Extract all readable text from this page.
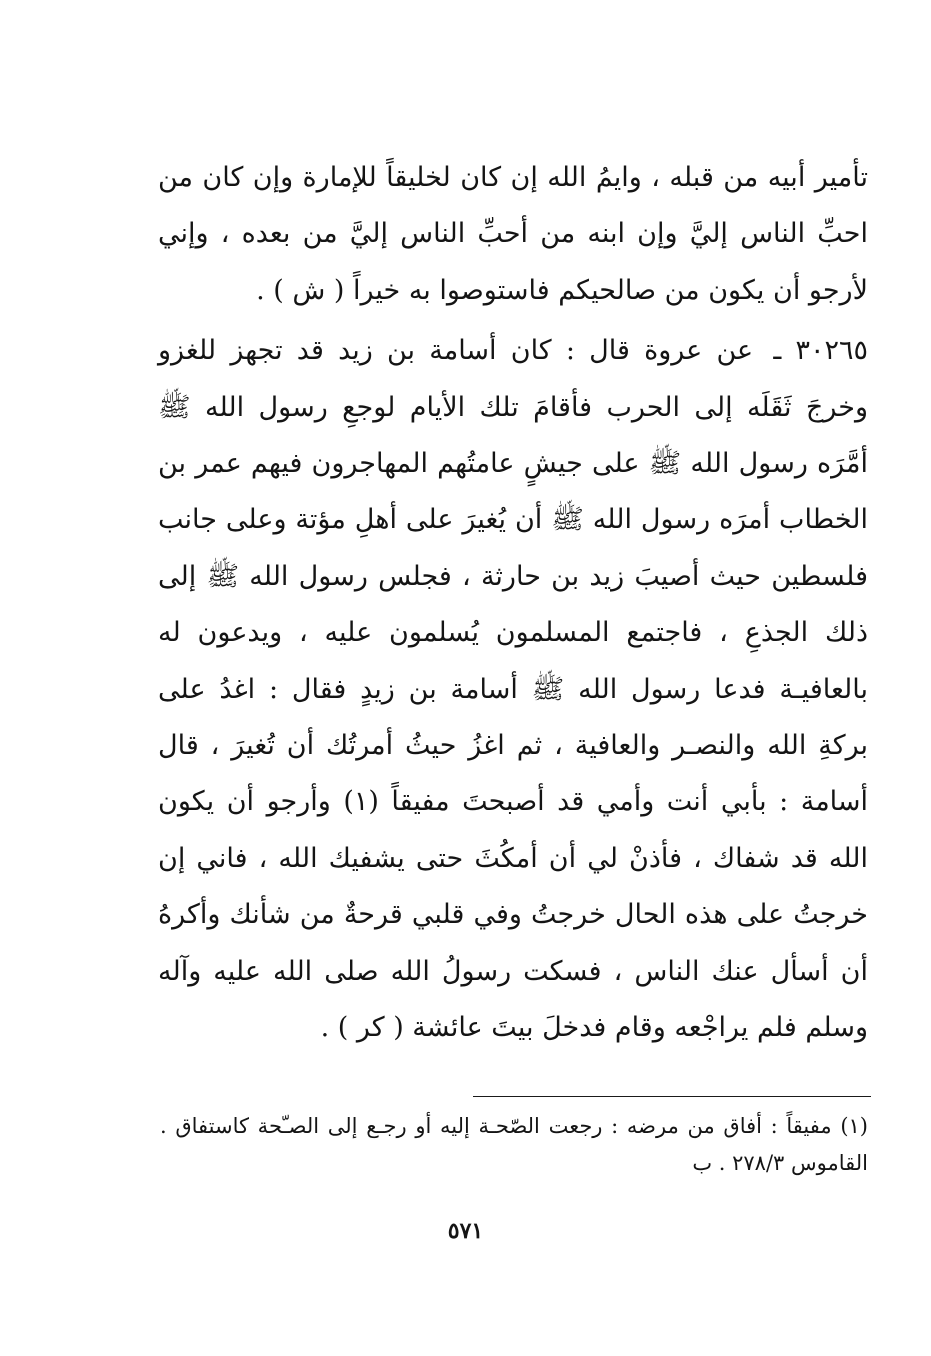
تأمير أبيه من قبله ، وايمُ الله إن كان لخليقاً للإمارة وإن كان من احبِّ الناس إليَّ وإن ابنه من أحبِّ الناس إليَّ من بعده ، وإني لأرجو أن يكون من صالحيكم فاستوصوا به خيراً ( ش ) .

٣٠٢٦٥ ـ عن عروة قال : كان أسامة بن زيد قد تجهز للغزو وخرجَ ثَقَلَه إلى الحرب فأقامَ تلك الأيام لوجعِ رسول الله ﷺ أمَّرَه رسول الله ﷺ على جيشٍ عامتُهم المهاجرون فيهم عمر بن الخطاب أمرَه رسول الله ﷺ أن يُغيرَ على أهلِ مؤتة وعلى جانب فلسطين حيث أصيبَ زيد بن حارثة ، فجلس رسول الله ﷺ إلى ذلك الجذعِ ، فاجتمع المسلمون يُسلمون عليه ، ويدعون له بالعافيـة فدعا رسول الله ﷺ أسامة بن زيدٍ فقال : اغدُ على بركةِ الله والنصـر والعافية ، ثم اغزُ حيثُ أمرتُك أن تُغيرَ ، قال أسامة : بأبي أنت وأمي قد أصبحتَ مفيقاً (١) وأرجو أن يكون الله قد شفاك ، فأذنْ لي أن أمكُثَ حتى يشفيك الله ، فاني إن خرجتُ على هذه الحال خرجتُ وفي قلبي قرحةٌ من شأنك وأكرهُ أن أسأل عنك الناس ، فسكت رسولُ الله صلى الله عليه وآله وسلم فلم يراجْعه وقام فدخلَ بيتَ عائشة ( كر ) .

(١) مفيقاً : أفاق من مرضه : رجعت الصّحـة إليه أو رجـع إلى الصـّحة كاستفاق . القاموس ٢٧٨/٣ . ب

٥٧١
